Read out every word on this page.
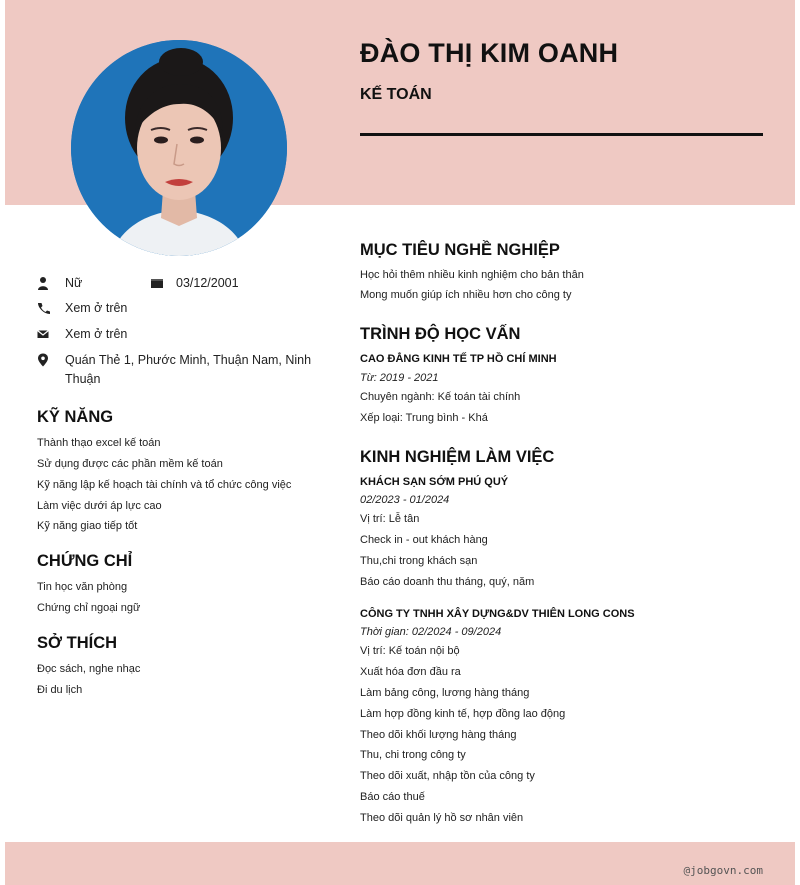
ĐÀO THỊ KIM OANH
KẾ TOÁN
Nữ	03/12/2001
Xem ở trên
Xem ở trên
Quán Thẻ 1, Phước Minh, Thuận Nam, Ninh
Thuận
KỸ NĂNG
Thành thạo excel kế toán
Sử dụng được các phần mềm kế toán
Kỹ năng lập kế hoạch tài chính và tổ chức công việc
Làm việc dưới áp lực cao
Kỹ năng giao tiếp tốt
CHỨNG CHỈ
Tin học văn phòng
Chứng chỉ ngoại ngữ
SỞ THÍCH
Đọc sách, nghe nhạc
Đi du lịch
MỤC TIÊU NGHỀ NGHIỆP
Học hỏi thêm nhiều kinh nghiệm cho bản thân
Mong muốn giúp ích nhiều hơn cho công ty
TRÌNH ĐỘ HỌC VẤN
CAO ĐẲNG KINH TẾ TP HỒ CHÍ MINH
Từ: 2019 - 2021
Chuyên ngành: Kế toán tài chính
Xếp loại: Trung bình - Khá
KINH NGHIỆM LÀM VIỆC
KHÁCH SẠN SỚM PHÚ QUÝ
02/2023 - 01/2024
Vị trí: Lễ tân
Check in - out khách hàng
Thu,chi trong khách sạn
Báo cáo doanh thu tháng, quý, năm
CÔNG TY TNHH XÂY DỰNG&DV THIÊN LONG CONS
Thời gian: 02/2024 - 09/2024
Vị trí: Kế toán nội bộ
Xuất hóa đơn đầu ra
Làm bảng công, lương hàng tháng
Làm hợp đồng kinh tế, hợp đồng lao động
Theo dõi khối lượng hàng tháng
Thu, chi trong công ty
Theo dõi xuất, nhập tồn của công ty
Báo cáo thuế
Theo dõi quản lý hồ sơ nhân viên
@jobgovn.com
